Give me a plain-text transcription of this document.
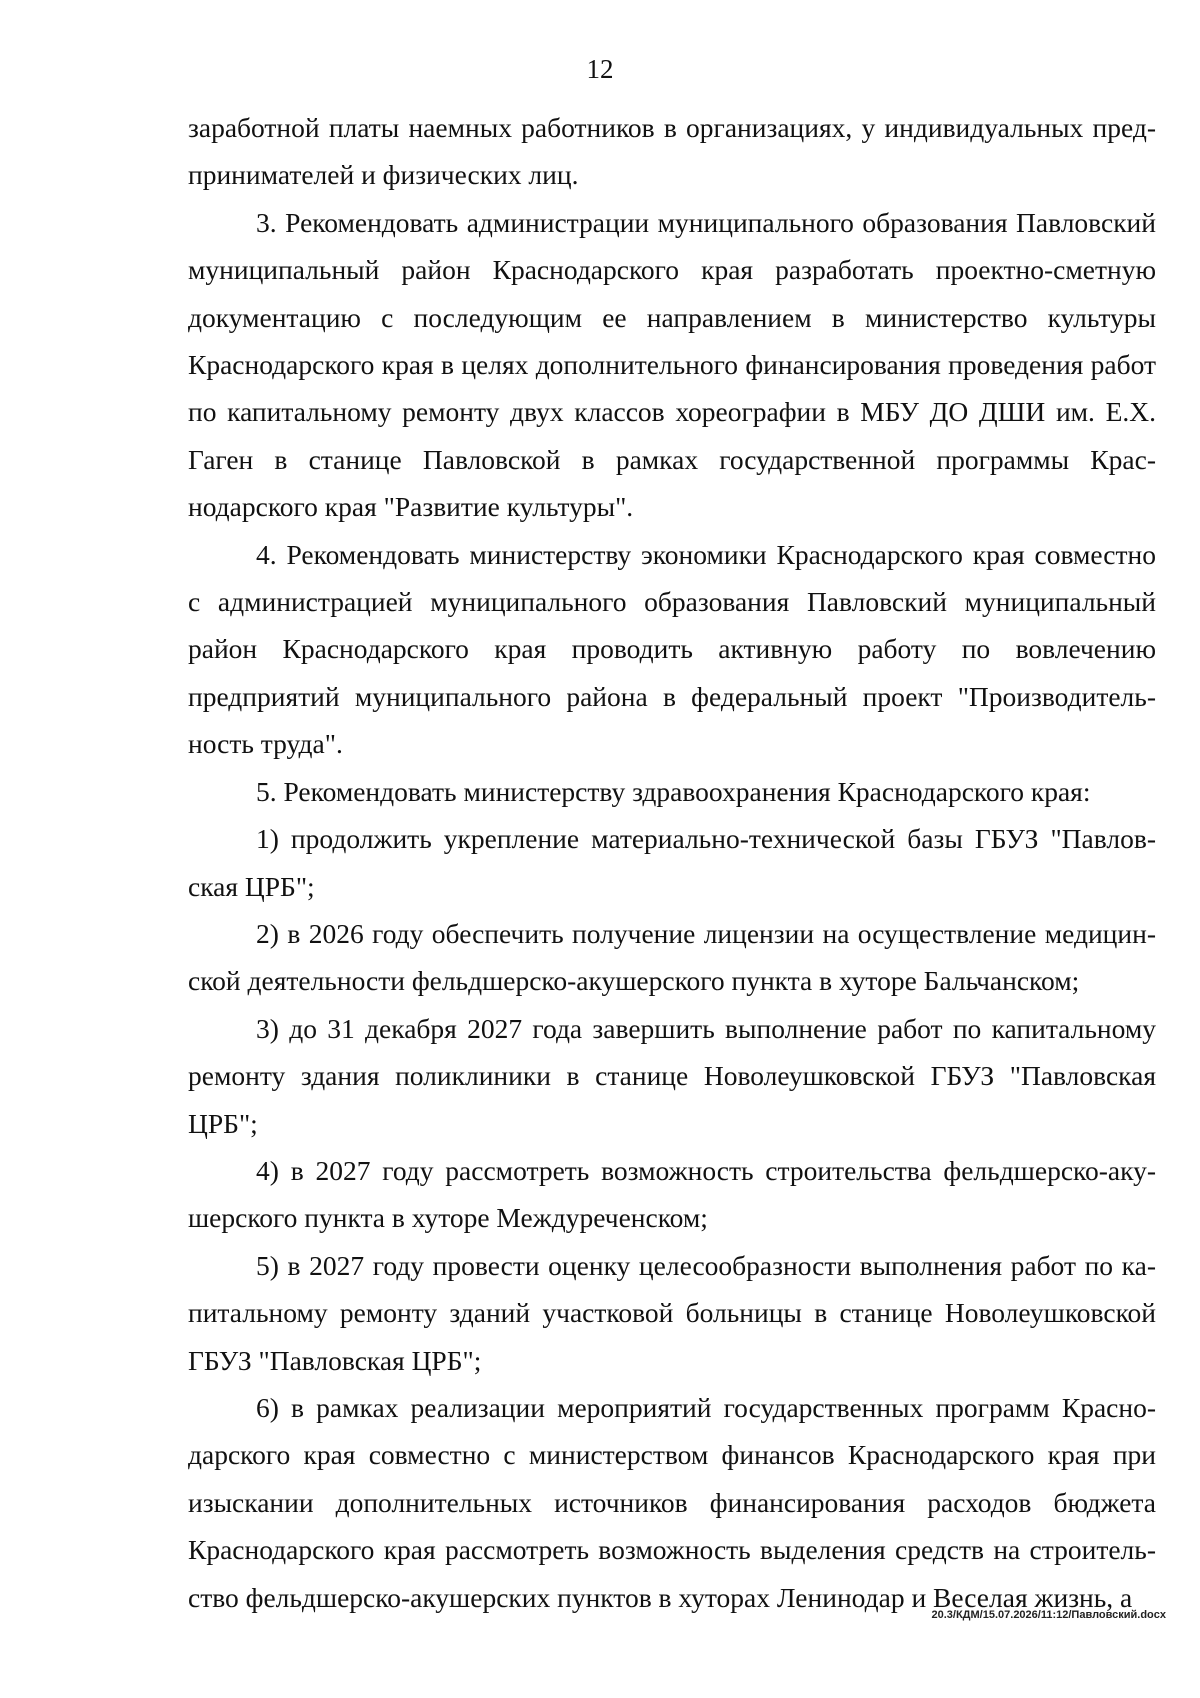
12

заработной платы наемных работников в организациях, у индивидуальных предпринимателей и физических лиц.

3. Рекомендовать администрации муниципального образования Павловский муниципальный район Краснодарского края разработать проектно-сметную документацию с последующим ее направлением в министерство культуры Краснодарского края в целях дополнительного финансирования проведения работ по капитальному ремонту двух классов хореографии в МБУ ДО ДШИ им. Е.Х. Гаген в станице Павловской в рамках государственной программы Краснодарского края "Развитие культуры".

4. Рекомендовать министерству экономики Краснодарского края совместно с администрацией муниципального образования Павловский муниципальный район Краснодарского края проводить активную работу по вовлечению предприятий муниципального района в федеральный проект "Производительность труда".

5. Рекомендовать министерству здравоохранения Краснодарского края:

1) продолжить укрепление материально-технической базы ГБУЗ "Павловская ЦРБ";

2) в 2026 году обеспечить получение лицензии на осуществление медицинской деятельности фельдшерско-акушерского пункта в хуторе Бальчанском;

3) до 31 декабря 2027 года завершить выполнение работ по капитальному ремонту здания поликлиники в станице Новолеушковской ГБУЗ "Павловская ЦРБ";

4) в 2027 году рассмотреть возможность строительства фельдшерско-акушерского пункта в хуторе Междуреченском;

5) в 2027 году провести оценку целесообразности выполнения работ по капитальному ремонту зданий участковой больницы в станице Новолеушковской ГБУЗ "Павловская ЦРБ";

6) в рамках реализации мероприятий государственных программ Краснодарского края совместно с министерством финансов Краснодарского края при изыскании дополнительных источников финансирования расходов бюджета Краснодарского края рассмотреть возможность выделения средств на строительство фельдшерско-акушерских пунктов в хуторах Ленинодар и Веселая жизнь, а

20.3/КДМ/15.07.2026/11:12/Павловский.docx
